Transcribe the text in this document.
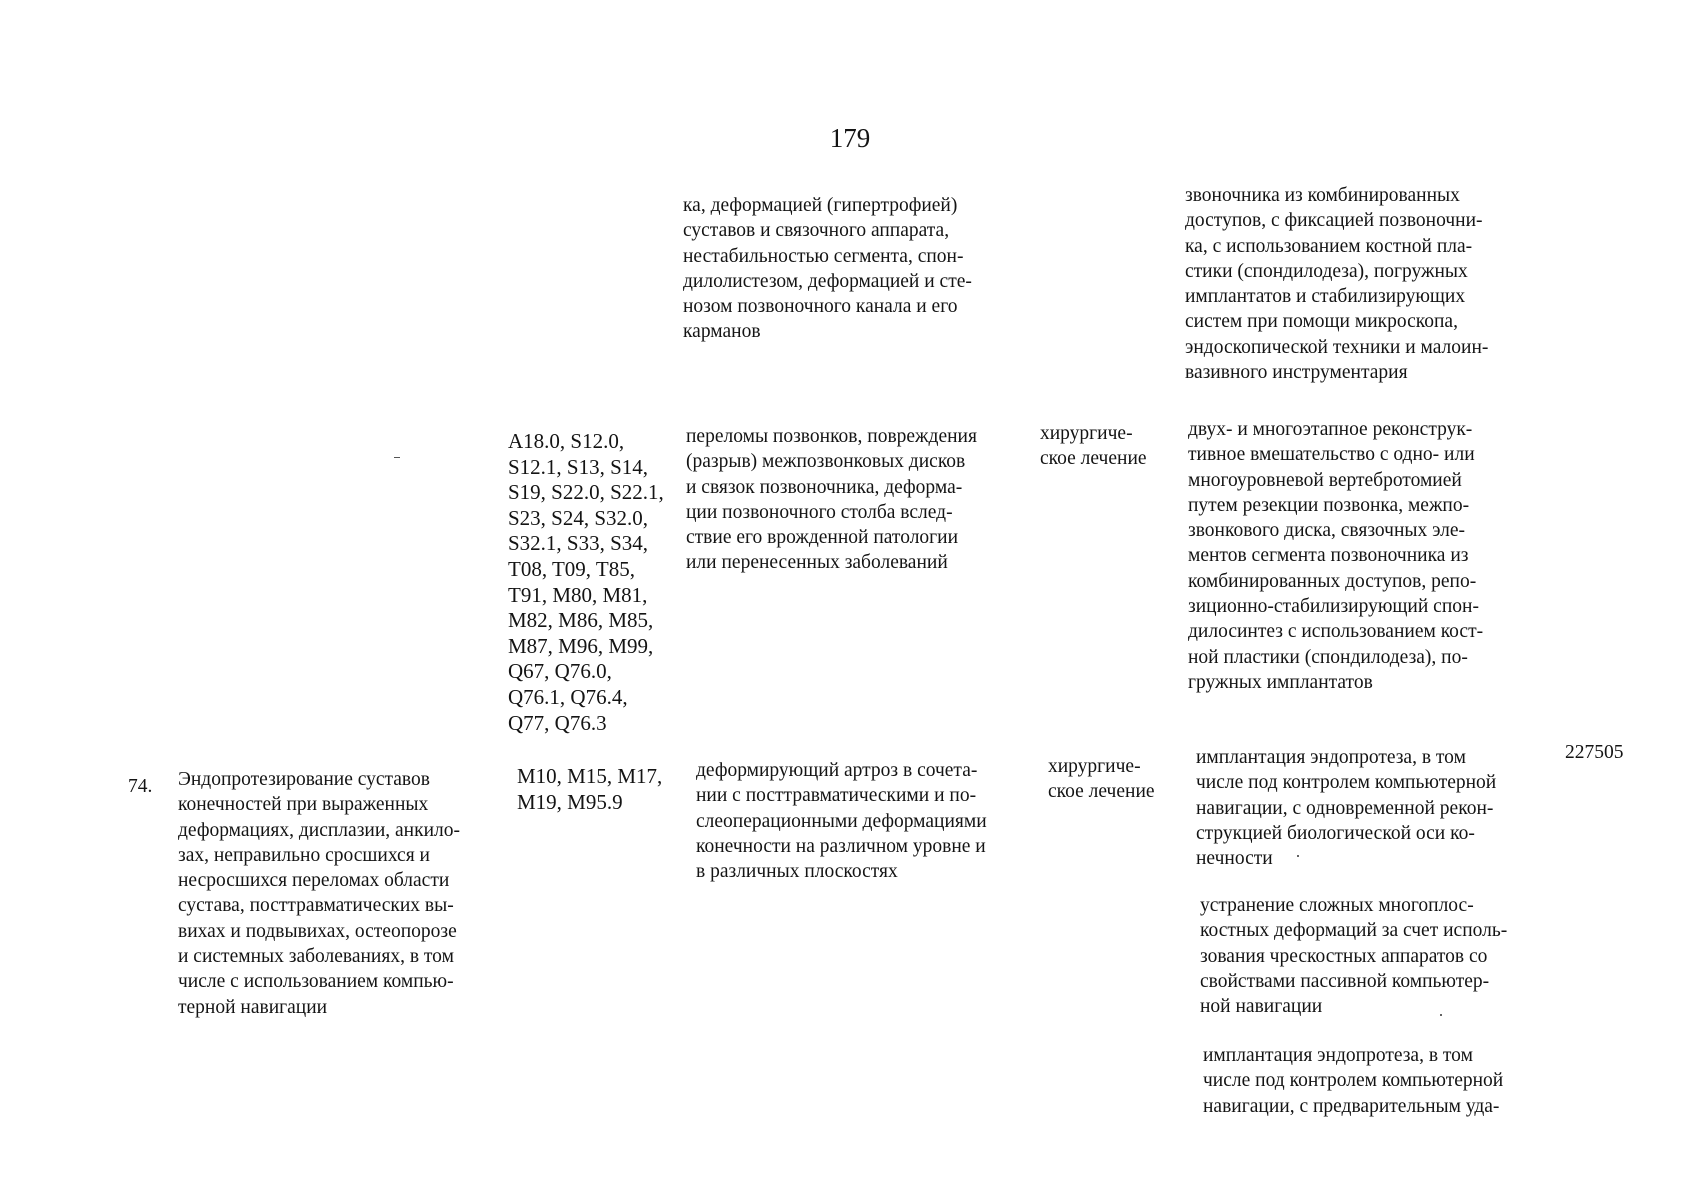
179

ка, деформацией (гипертрофией)
суставов и связочного аппарата,
нестабильностью сегмента, спон-
дилолистезом, деформацией и сте-
нозом позвоночного канала и его
карманов

звоночника из комбинированных
доступов, с фиксацией позвоночни-
ка, с использованием костной пла-
стики (спондилодеза), погружных
имплантатов и стабилизирующих
систем при помощи микроскопа,
эндоскопической техники и малоин-
вазивного инструментария

A18.0, S12.0,
S12.1, S13, S14,
S19, S22.0, S22.1,
S23, S24, S32.0,
S32.1, S33, S34,
T08, T09, T85,
T91, M80, M81,
M82, M86, M85,
M87, M96, M99,
Q67, Q76.0,
Q76.1, Q76.4,
Q77, Q76.3

переломы позвонков, повреждения
(разрыв) межпозвонковых дисков
и связок позвоночника, деформа-
ции позвоночного столба вслед-
ствие его врожденной патологии
или перенесенных заболеваний

хирургиче-
ское лечение

двух- и многоэтапное реконструк-
тивное вмешательство с одно- или
многоуровневой вертебротомией
путем резекции позвонка, межпо-
звонкового диска, связочных эле-
ментов сегмента позвоночника из
комбинированных доступов, репо-
зиционно-стабилизирующий спон-
дилосинтез с использованием кост-
ной пластики (спондилодеза), по-
гружных имплантатов

74. Эндопротезирование суставов
конечностей при выраженных
деформациях, дисплазии, анкило-
зах, неправильно сросшихся и
несросшихся переломах области
сустава, посттравматических вы-
вихах и подвывихах, остеопорозе
и системных заболеваниях, в том
числе с использованием компью-
терной навигации

M10, M15, M17,
M19, M95.9

деформирующий артроз в сочета-
нии с посттравматическими и по-
слеоперационными деформациями
конечности на различном уровне и
в различных плоскостях

хирургиче-
ское лечение

имплантация эндопротеза, в том
числе под контролем компьютерной
навигации, с одновременной рекон-
струкцией биологической оси ко-
нечности

устранение сложных многоплос-
костных деформаций за счет исполь-
зования чрескостных аппаратов со
свойствами пассивной компьютер-
ной навигации

имплантация эндопротеза, в том
числе под контролем компьютерной
навигации, с предварительным уда-

227505
